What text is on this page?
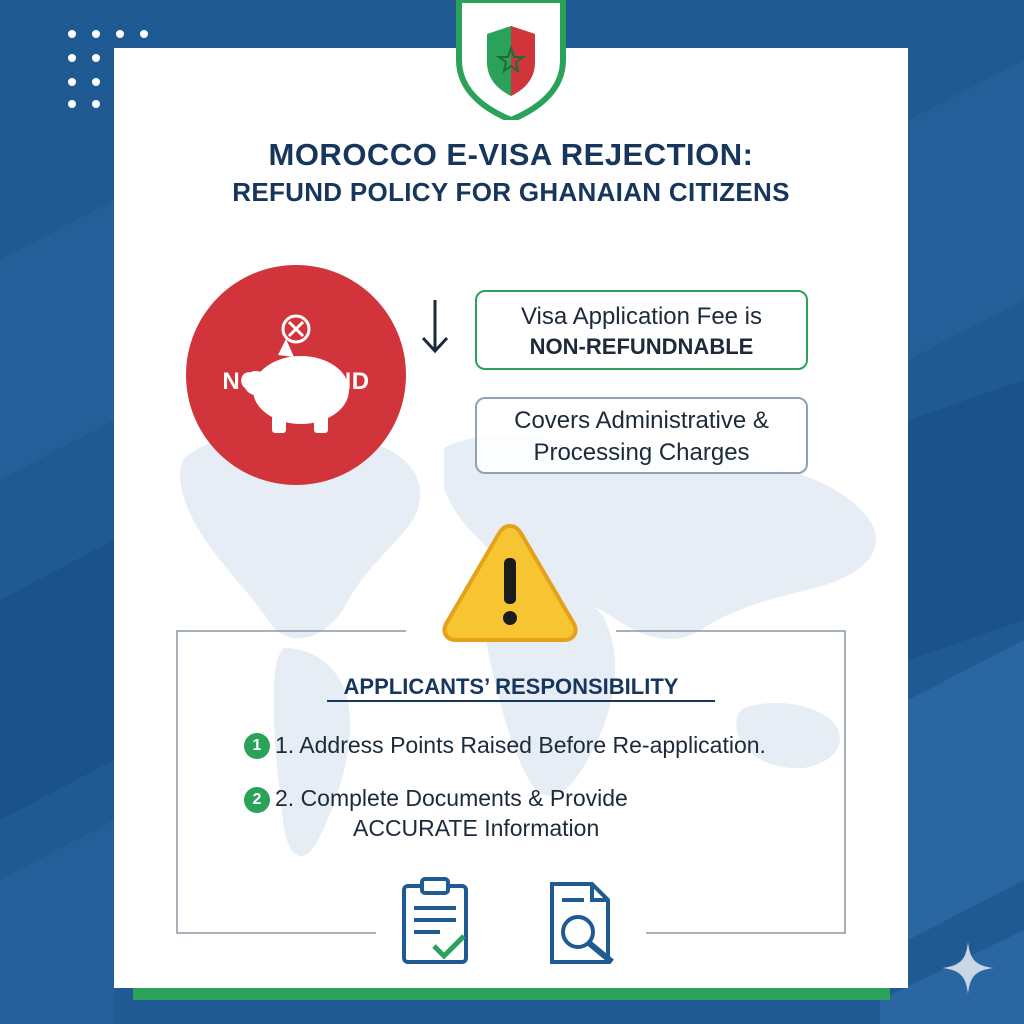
MOROCCO E-VISA REJECTION:
REFUND POLICY FOR GHANAIAN CITIZENS
NO REFUND
Visa Application Fee is
NON-REFUNDNABLE
Covers Administrative &
Processing Charges
APPLICANTS’ RESPONSIBILITY
1 1. Address Points Raised Before Re-application.
2 2. Complete Documents & Provide
ACCURATE Information
